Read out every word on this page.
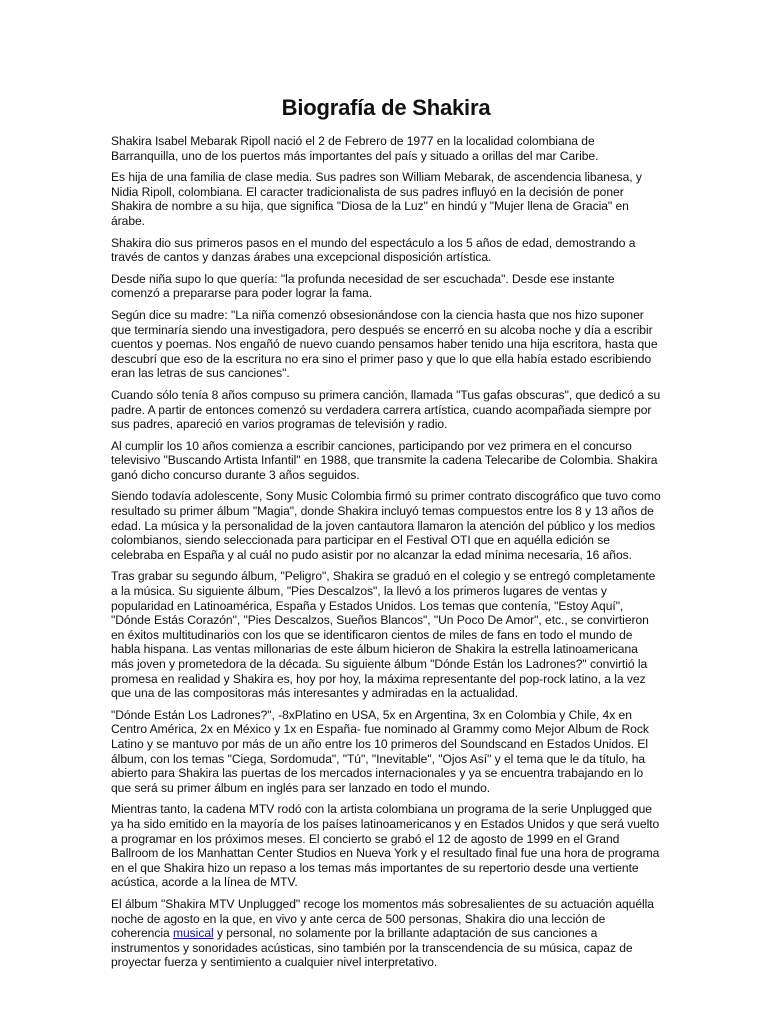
Biografía de Shakira

Shakira Isabel Mebarak Ripoll nació el 2 de Febrero de 1977 en la localidad colombiana de Barranquilla, uno de los puertos más importantes del país y situado a orillas del mar Caribe.

Es hija de una familia de clase media. Sus padres son William Mebarak, de ascendencia libanesa, y Nidia Ripoll, colombiana. El caracter tradicionalista de sus padres influyó en la decisión de poner Shakira de nombre a su hija, que significa "Diosa de la Luz" en hindú y "Mujer llena de Gracia" en árabe.

Shakira dio sus primeros pasos en el mundo del espectáculo a los 5 años de edad, demostrando a través de cantos y danzas árabes una excepcional disposición artística.

Desde niña supo lo que quería: "la profunda necesidad de ser escuchada". Desde ese instante comenzó a prepararse para poder lograr la fama.

Según dice su madre: "La niña comenzó obsesionándose con la ciencia hasta que nos hizo suponer que terminaría siendo una investigadora, pero después se encerró en su alcoba noche y día a escribir cuentos y poemas. Nos engañó de nuevo cuando pensamos haber tenido una hija escritora, hasta que descubrí que eso de la escritura no era sino el primer paso y que lo que ella había estado escribiendo eran las letras de sus canciones".

Cuando sólo tenía 8 años compuso su primera canción, llamada "Tus gafas obscuras", que dedicó a su padre. A partir de entonces comenzó su verdadera carrera artística, cuando acompañada siempre por sus padres, apareció en varios programas de televisión y radio.

Al cumplir los 10 años comienza a escribir canciones, participando por vez primera en el concurso televisivo "Buscando Artista Infantil" en 1988, que transmite la cadena Telecaribe de Colombia. Shakira ganó dicho concurso durante 3 años seguidos.

Siendo todavía adolescente, Sony Music Colombia firmó su primer contrato discográfico que tuvo como resultado su primer álbum "Magia", donde Shakira incluyó temas compuestos entre los 8 y 13 años de edad. La música y la personalidad de la joven cantautora llamaron la atención del público y los medios colombianos, siendo seleccionada para participar en el Festival OTI que en aquélla edición se celebraba en España y al cuál no pudo asistir por no alcanzar la edad mínima necesaria, 16 años.

Tras grabar su segundo álbum, "Peligro", Shakira se graduó en el colegio y se entregó completamente a la música. Su siguiente álbum, "Pies Descalzos", la llevó a los primeros lugares de ventas y popularidad en Latinoamérica, España y Estados Unidos. Los temas que contenía, "Estoy Aquí", "Dónde Estás Corazón", "Pies Descalzos, Sueños Blancos", "Un Poco De Amor", etc., se convirtieron en éxitos multitudinarios con los que se identificaron cientos de miles de fans en todo el mundo de habla hispana. Las ventas millonarias de este álbum hicieron de Shakira la estrella latinoamericana más joven y prometedora de la década. Su siguiente álbum "Dónde Están los Ladrones?" convirtió la promesa en realidad y Shakira es, hoy por hoy, la máxima representante del pop-rock latino, a la vez que una de las compositoras más interesantes y admiradas en la actualidad.

"Dónde Están Los Ladrones?", -8xPlatino en USA, 5x en Argentina, 3x en Colombia y Chile, 4x en Centro América, 2x en México y 1x en España- fue nominado al Grammy como Mejor Album de Rock Latino y se mantuvo por más de un año entre los 10 primeros del Soundscand en Estados Unidos. El álbum, con los temas "Ciega, Sordomuda", "Tú", "Inevitable", "Ojos Así" y el tema que le da título, ha abierto para Shakira las puertas de los mercados internacionales y ya se encuentra trabajando en lo que será su primer álbum en inglés para ser lanzado en todo el mundo.

Mientras tanto, la cadena MTV rodó con la artista colombiana un programa de la serie Unplugged que ya ha sido emitido en la mayoría de los países latinoamericanos y en Estados Unidos y que será vuelto a programar en los próximos meses. El concierto se grabó el 12 de agosto de 1999 en el Grand Ballroom de los Manhattan Center Studios en Nueva York y el resultado final fue una hora de programa en el que Shakira hizo un repaso a los temas más importantes de su repertorio desde una vertiente acústica, acorde a la línea de MTV.

El álbum "Shakira MTV Unplugged" recoge los momentos más sobresalientes de su actuación aquélla noche de agosto en la que, en vivo y ante cerca de 500 personas, Shakira dio una lección de coherencia musical y personal, no solamente por la brillante adaptación de sus canciones a instrumentos y sonoridades acústicas, sino también por la transcendencia de su música, capaz de proyectar fuerza y sentimiento a cualquier nivel interpretativo.
